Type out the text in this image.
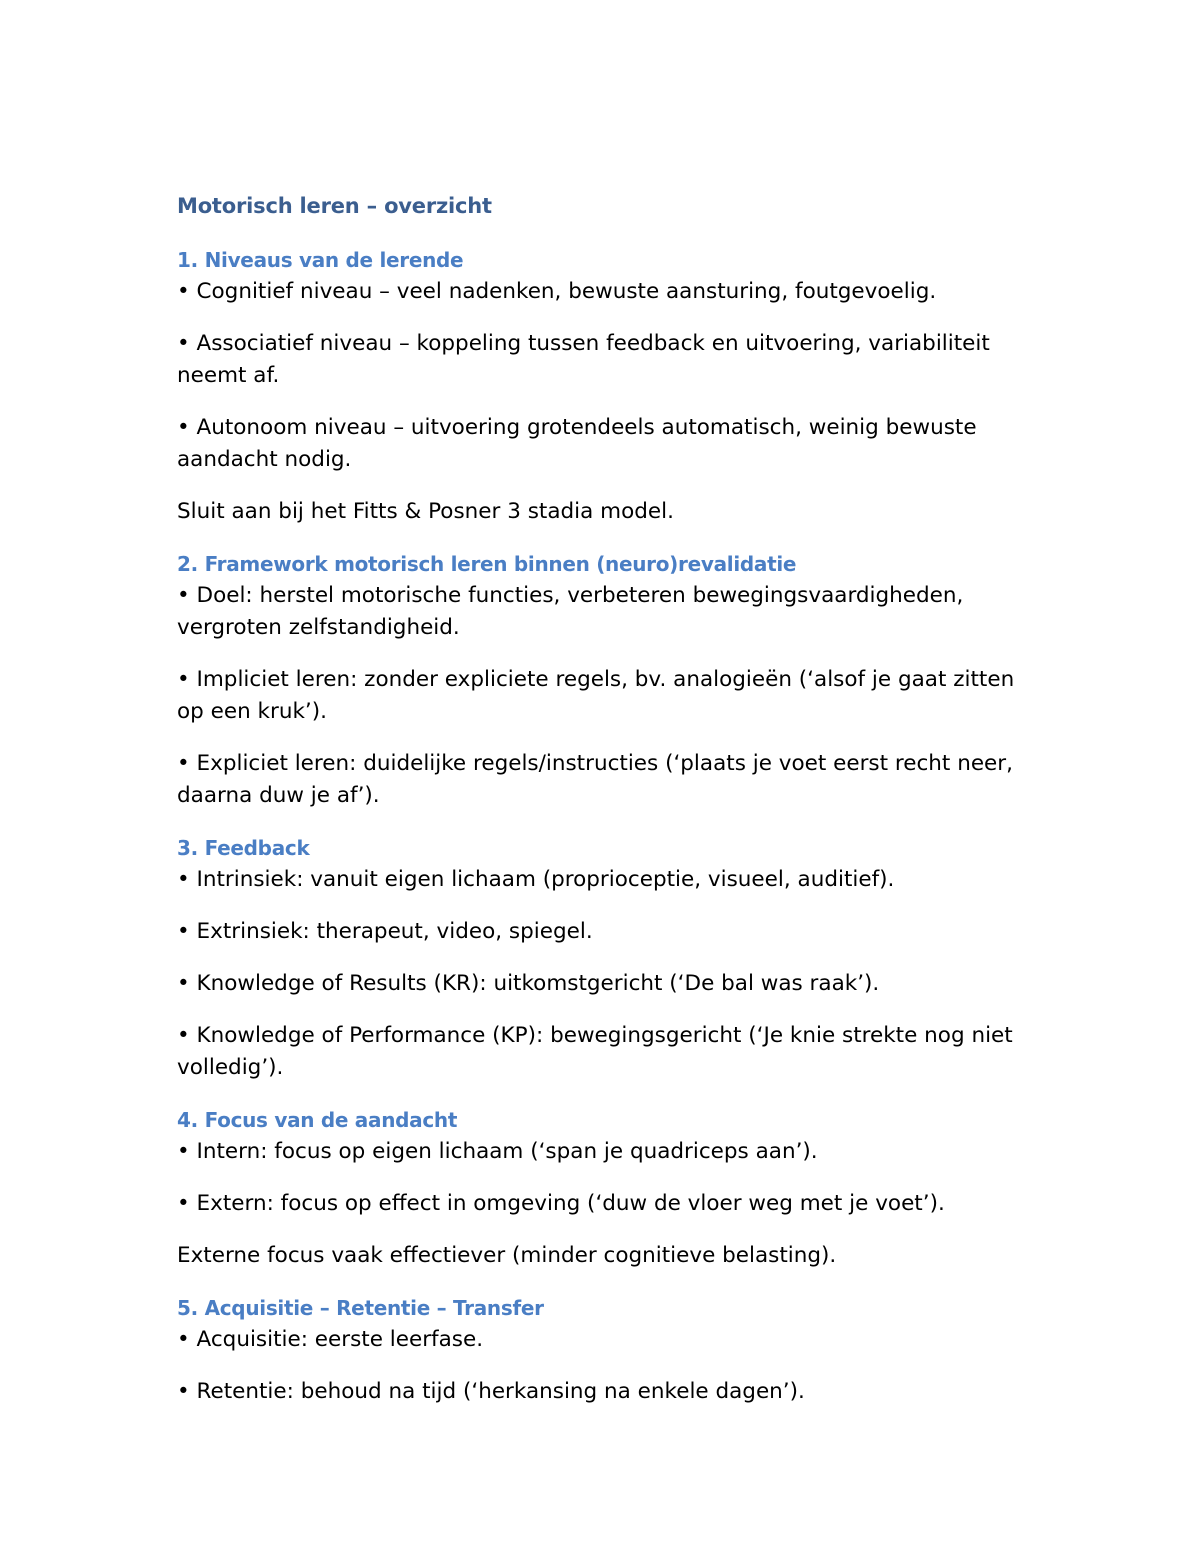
Motorisch leren – overzicht
1. Niveaus van de lerende

• Cognitief niveau – veel nadenken, bewuste aansturing, foutgevoelig.

• Associatief niveau – koppeling tussen feedback en uitvoering, variabiliteit neemt af.

• Autonoom niveau – uitvoering grotendeels automatisch, weinig bewuste aandacht nodig.

Sluit aan bij het Fitts & Posner 3 stadia model.

2. Framework motorisch leren binnen (neuro)revalidatie

• Doel: herstel motorische functies, verbeteren bewegingsvaardigheden, vergroten zelfstandigheid.

• Impliciet leren: zonder expliciete regels, bv. analogieën (‘alsof je gaat zitten op een kruk’).

• Expliciet leren: duidelijke regels/instructies (‘plaats je voet eerst recht neer, daarna duw je af’).

3. Feedback

• Intrinsiek: vanuit eigen lichaam (proprioceptie, visueel, auditief).

• Extrinsiek: therapeut, video, spiegel.

• Knowledge of Results (KR): uitkomstgericht (‘De bal was raak’).

• Knowledge of Performance (KP): bewegingsgericht (‘Je knie strekte nog niet volledig’).

4. Focus van de aandacht

• Intern: focus op eigen lichaam (‘span je quadriceps aan’).

• Extern: focus op effect in omgeving (‘duw de vloer weg met je voet’).

Externe focus vaak effectiever (minder cognitieve belasting).

5. Acquisitie – Retentie – Transfer

• Acquisitie: eerste leerfase.

• Retentie: behoud na tijd (‘herkansing na enkele dagen’).
